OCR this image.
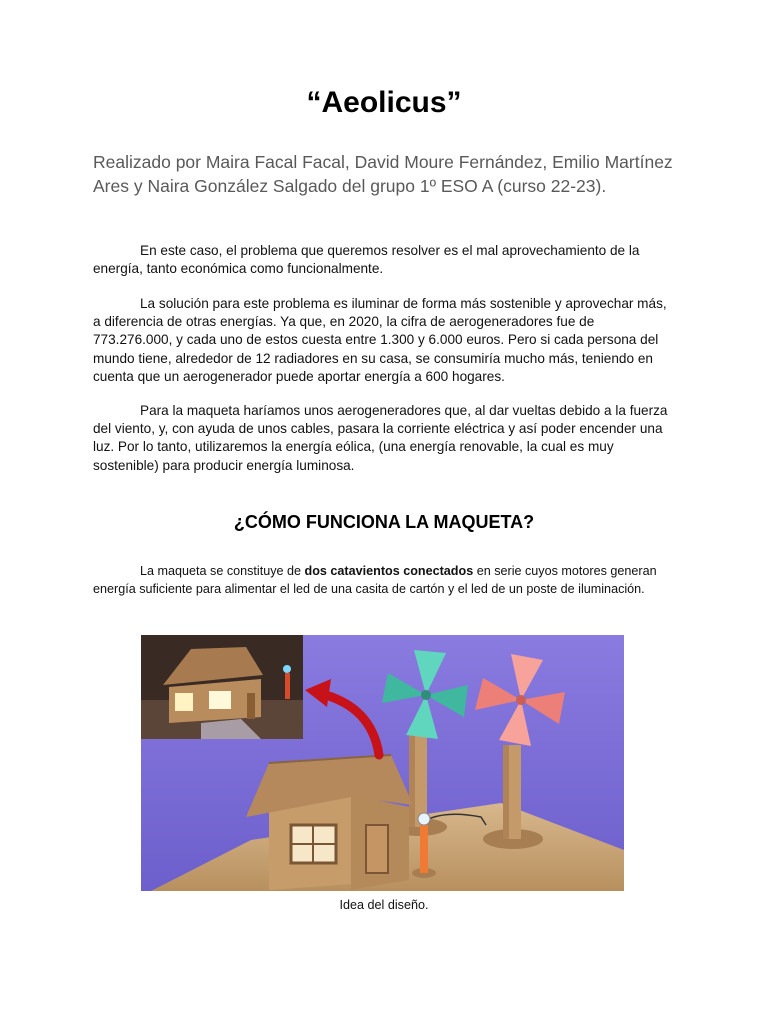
“Aeolicus”
Realizado por Maira Facal Facal, David Moure Fernández, Emilio Martínez Ares y Naira González Salgado del grupo 1º ESO A (curso 22-23).

En este caso, el problema que queremos resolver es el mal aprovechamiento de la energía, tanto económica como funcionalmente.

La solución para este problema es iluminar de forma más sostenible y aprovechar más, a diferencia de otras energías. Ya que, en 2020, la cifra de aerogeneradores fue de 773.276.000, y cada uno de estos cuesta entre 1.300 y 6.000 euros. Pero si cada persona del mundo tiene, alrededor de 12 radiadores en su casa, se consumiría mucho más, teniendo en cuenta que un aerogenerador puede aportar energía a 600 hogares.

Para la maqueta haríamos unos aerogeneradores que, al dar vueltas debido a la fuerza del viento, y, con ayuda de unos cables, pasara la corriente eléctrica y así poder encender una luz. Por lo tanto, utilizaremos la energía eólica, (una energía renovable, la cual es muy sostenible) para producir energía luminosa.

¿CÓMO FUNCIONA LA MAQUETA?

La maqueta se constituye de dos catavientos conectados en serie cuyos motores generan energía suficiente para alimentar el led de una casita de cartón y el led de un poste de iluminación.

Idea del diseño.
